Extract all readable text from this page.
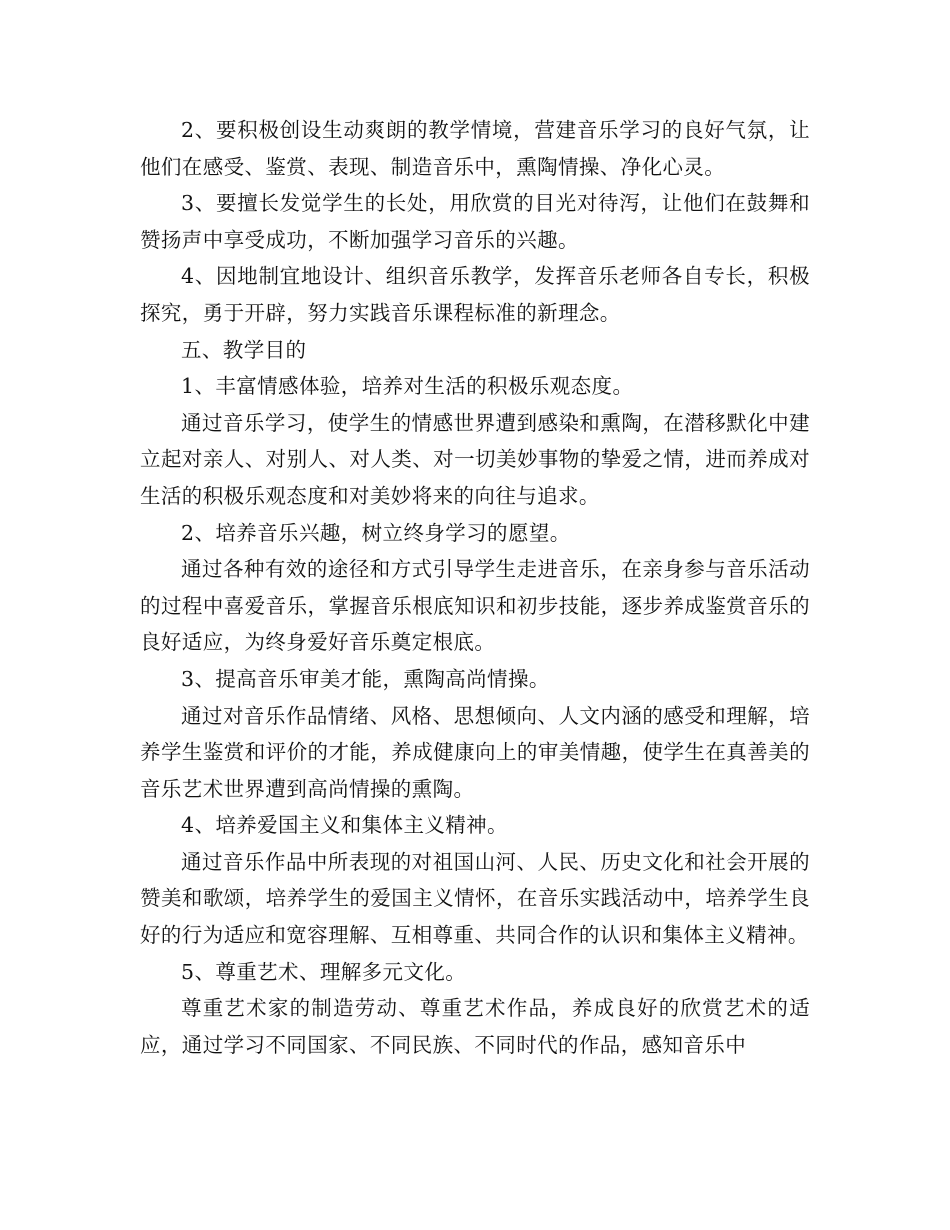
2、要积极创设生动爽朗的教学情境，营建音乐学习的良好气氛，让他们在感受、鉴赏、表现、制造音乐中，熏陶情操、净化心灵。

3、要擅长发觉学生的长处，用欣赏的目光对待泻，让他们在鼓舞和赞扬声中享受成功，不断加强学习音乐的兴趣。

4、因地制宜地设计、组织音乐教学，发挥音乐老师各自专长，积极探究，勇于开辟，努力实践音乐课程标准的新理念。

五、教学目的

1、丰富情感体验，培养对生活的积极乐观态度。

通过音乐学习，使学生的情感世界遭到感染和熏陶，在潜移默化中建立起对亲人、对别人、对人类、对一切美妙事物的挚爱之情，进而养成对生活的积极乐观态度和对美妙将来的向往与追求。

2、培养音乐兴趣，树立终身学习的愿望。

通过各种有效的途径和方式引导学生走进音乐，在亲身参与音乐活动的过程中喜爱音乐，掌握音乐根底知识和初步技能，逐步养成鉴赏音乐的良好适应，为终身爱好音乐奠定根底。

3、提高音乐审美才能，熏陶高尚情操。

通过对音乐作品情绪、风格、思想倾向、人文内涵的感受和理解，培养学生鉴赏和评价的才能，养成健康向上的审美情趣，使学生在真善美的音乐艺术世界遭到高尚情操的熏陶。

4、培养爱国主义和集体主义精神。

通过音乐作品中所表现的对祖国山河、人民、历史文化和社会开展的赞美和歌颂，培养学生的爱国主义情怀，在音乐实践活动中，培养学生良好的行为适应和宽容理解、互相尊重、共同合作的认识和集体主义精神。

5、尊重艺术、理解多元文化。

尊重艺术家的制造劳动、尊重艺术作品，养成良好的欣赏艺术的适应，通过学习不同国家、不同民族、不同时代的作品，感知音乐中
